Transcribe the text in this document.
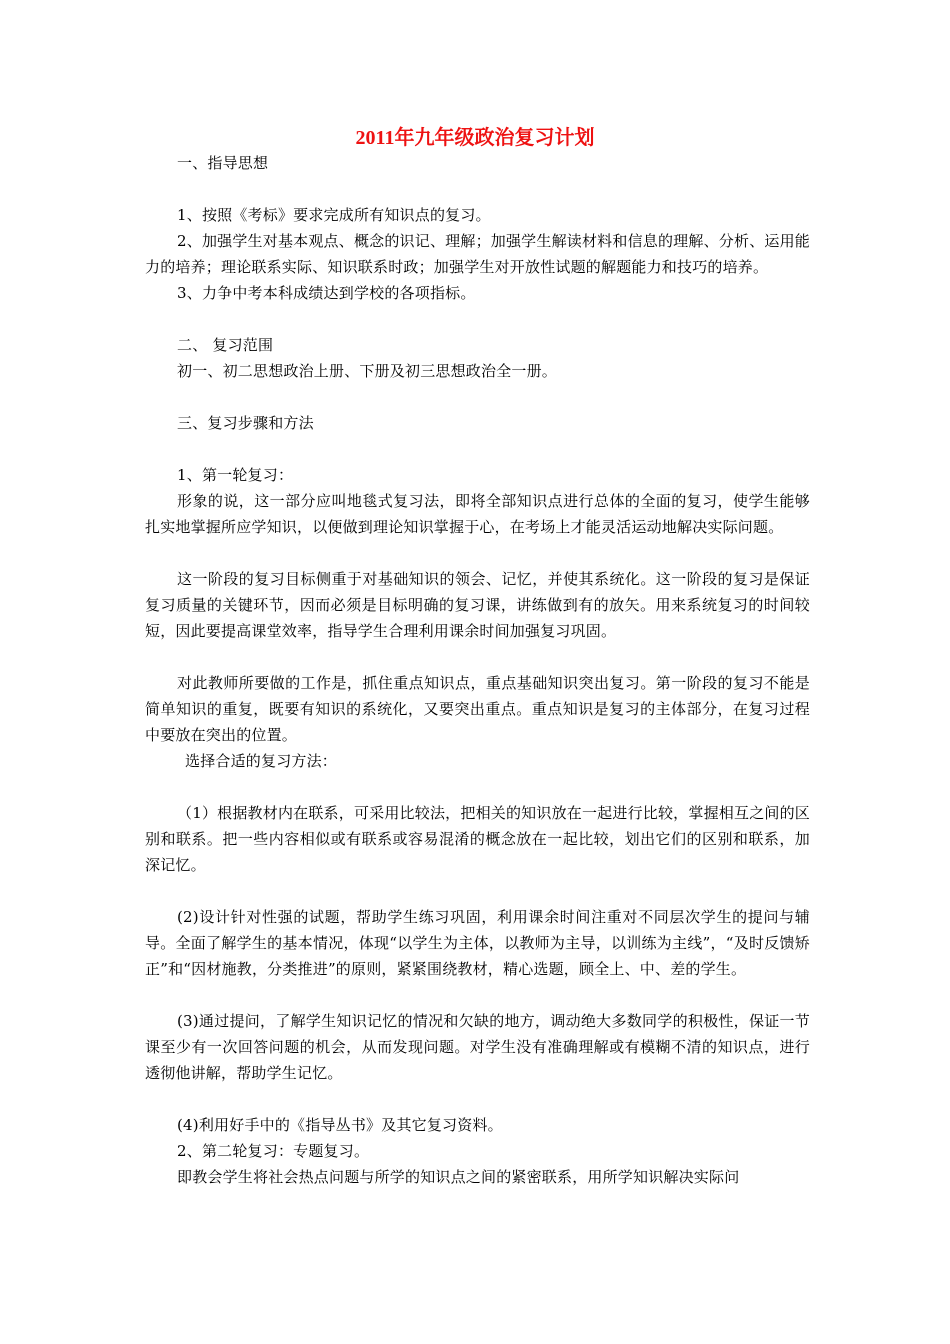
2011年九年级政治复习计划

一、指导思想

1、按照《考标》要求完成所有知识点的复习。

2、加强学生对基本观点、概念的识记、理解；加强学生解读材料和信息的理解、分析、运用能力的培养；理论联系实际、知识联系时政；加强学生对开放性试题的解题能力和技巧的培养。

3、力争中考本科成绩达到学校的各项指标。

二、 复习范围

初一、初二思想政治上册、下册及初三思想政治全一册。

三、复习步骤和方法

1、第一轮复习：

形象的说，这一部分应叫地毯式复习法，即将全部知识点进行总体的全面的复习，使学生能够扎实地掌握所应学知识，以便做到理论知识掌握于心，在考场上才能灵活运动地解决实际问题。

这一阶段的复习目标侧重于对基础知识的领会、记忆，并使其系统化。这一阶段的复习是保证复习质量的关键环节，因而必须是目标明确的复习课，讲练做到有的放矢。用来系统复习的时间较短，因此要提高课堂效率，指导学生合理利用课余时间加强复习巩固。

对此教师所要做的工作是，抓住重点知识点，重点基础知识突出复习。第一阶段的复习不能是简单知识的重复，既要有知识的系统化，又要突出重点。重点知识是复习的主体部分，在复习过程中要放在突出的位置。

选择合适的复习方法：

（1）根据教材内在联系，可采用比较法，把相关的知识放在一起进行比较，掌握相互之间的区别和联系。把一些内容相似或有联系或容易混淆的概念放在一起比较，划出它们的区别和联系，加深记忆。

(2)设计针对性强的试题，帮助学生练习巩固，利用课余时间注重对不同层次学生的提问与辅导。全面了解学生的基本情况，体现“以学生为主体，以教师为主导，以训练为主线”，“及时反馈矫正”和“因材施教，分类推进”的原则，紧紧围绕教材，精心选题，顾全上、中、差的学生。

(3)通过提问，了解学生知识记忆的情况和欠缺的地方，调动绝大多数同学的积极性，保证一节课至少有一次回答问题的机会，从而发现问题。对学生没有准确理解或有模糊不清的知识点，进行透彻他讲解，帮助学生记忆。

(4)利用好手中的《指导丛书》及其它复习资料。

2、第二轮复习：专题复习。

即教会学生将社会热点问题与所学的知识点之间的紧密联系，用所学知识解决实际问
